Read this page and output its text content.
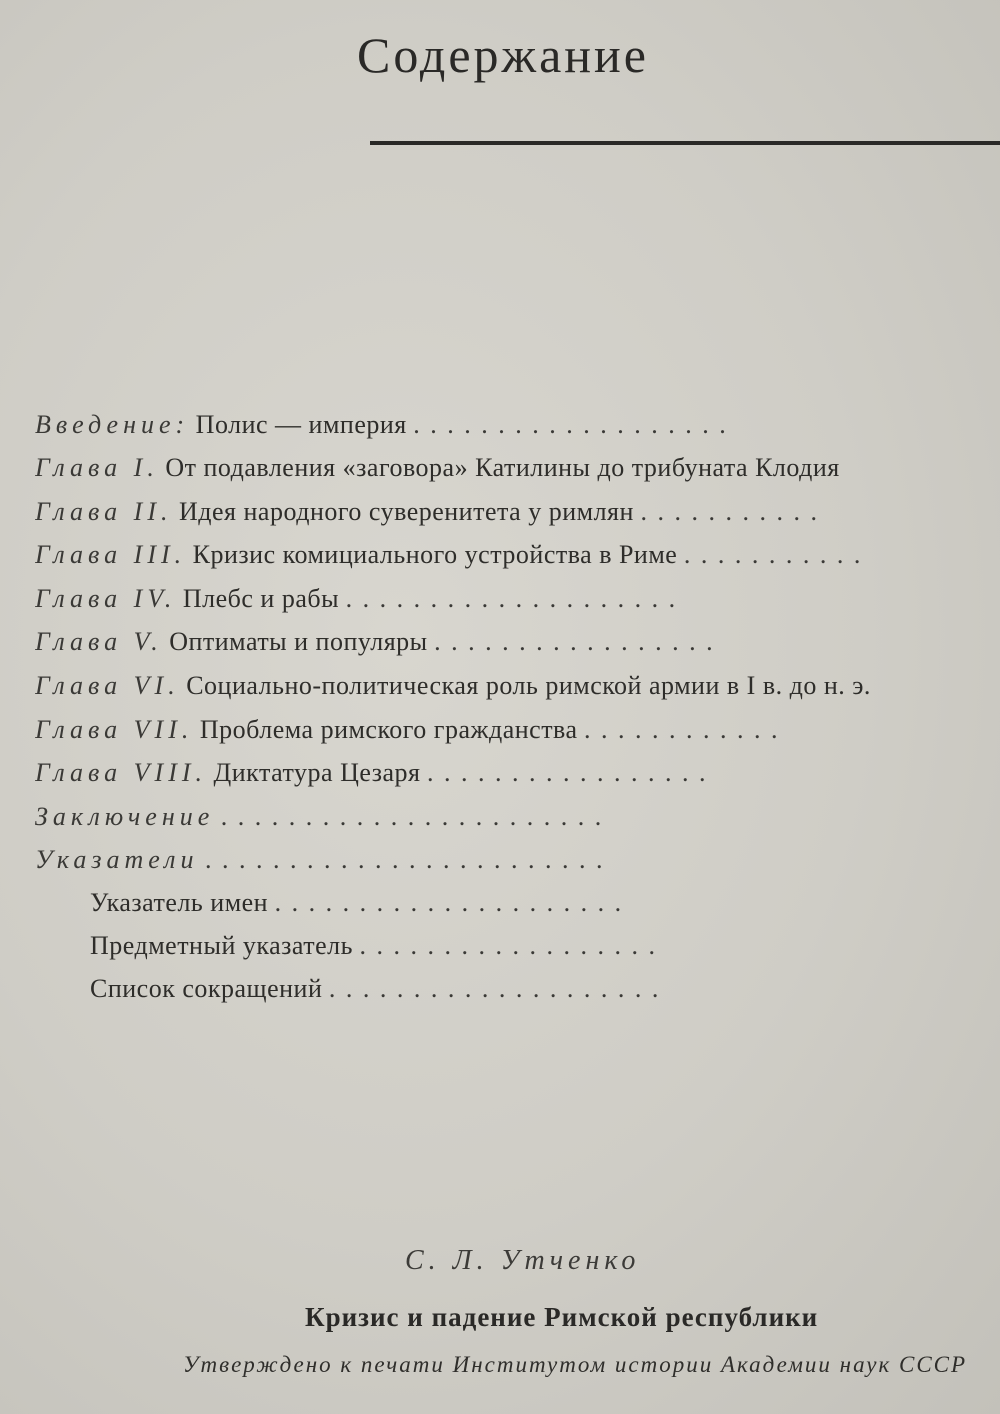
Содержание
Введение: Полис — империя . . . . . . . . . . . . . . . . . . .
Глава I. От подавления «заговора» Катилины до трибуната Клодия
Глава II. Идея народного суверенитета у римлян . . . . . . . . . . .
Глава III. Кризис комициального устройства в Риме . . . . . . . . . . .
Глава IV. Плебс и рабы . . . . . . . . . . . . . . . . . . . .
Глава V. Оптиматы и популяры . . . . . . . . . . . . . . . . .
Глава VI. Социально-политическая роль римской армии в I в. до н. э.
Глава VII. Проблема римского гражданства . . . . . . . . . . . .
Глава VIII. Диктатура Цезаря . . . . . . . . . . . . . . . . .
Заключение . . . . . . . . . . . . . . . . . . . . . . .
Указатели . . . . . . . . . . . . . . . . . . . . . . . .
Указатель имен . . . . . . . . . . . . . . . . . . . . .
Предметный указатель . . . . . . . . . . . . . . . . . .
Список сокращений . . . . . . . . . . . . . . . . . . . .
С. Л. Утченко
Кризис и падение Римской республики
Утверждено к печати Институтом истории Академии наук СССР
